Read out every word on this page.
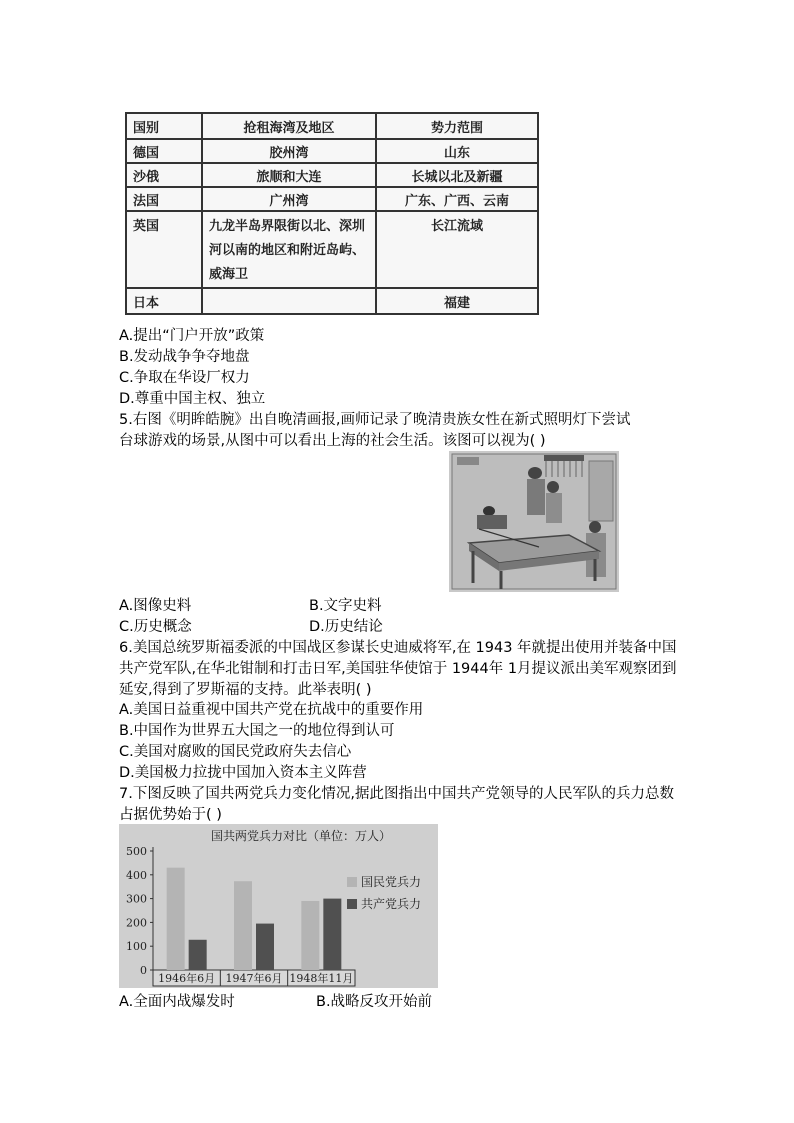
国别	抢租海湾及地区	势力范围
德国	胶州湾	山东
沙俄	旅顺和大连	长城以北及新疆
法国	广州湾	广东、广西、云南
英国	九龙半岛界限街以北、深圳河以南的地区和附近岛屿、威海卫	长江流域
日本		福建
A.提出“门户开放”政策
B.发动战争争夺地盘
C.争取在华设厂权力
D.尊重中国主权、独立
5.右图《明眸皓腕》出自晚清画报,画师记录了晚清贵族女性在新式照明灯下尝试
台球游戏的场景,从图中可以看出上海的社会生活。该图可以视为( )
A.图像史料	B.文字史料
C.历史概念	D.历史结论
6.美国总统罗斯福委派的中国战区参谋长史迪威将军,在 1943 年就提出使用并装备中国共产党军队,在华北钳制和打击日军,美国驻华使馆于 1944年 1月提议派出美军观察团到延安,得到了罗斯福的支持。此举表明( )
A.美国日益重视中国共产党在抗战中的重要作用
B.中国作为世界五大国之一的地位得到认可
C.美国对腐败的国民党政府失去信心
D.美国极力拉拢中国加入资本主义阵营
7.下图反映了国共两党兵力变化情况,据此图指出中国共产党领导的人民军队的兵力总数占据优势始于( )
国共两党兵力对比（单位：万人）
0
100
200
300
400
500
1946年6月 1947年6月 1948年11月
国民党兵力
共产党兵力
A.全面内战爆发时	B.战略反攻开始前
